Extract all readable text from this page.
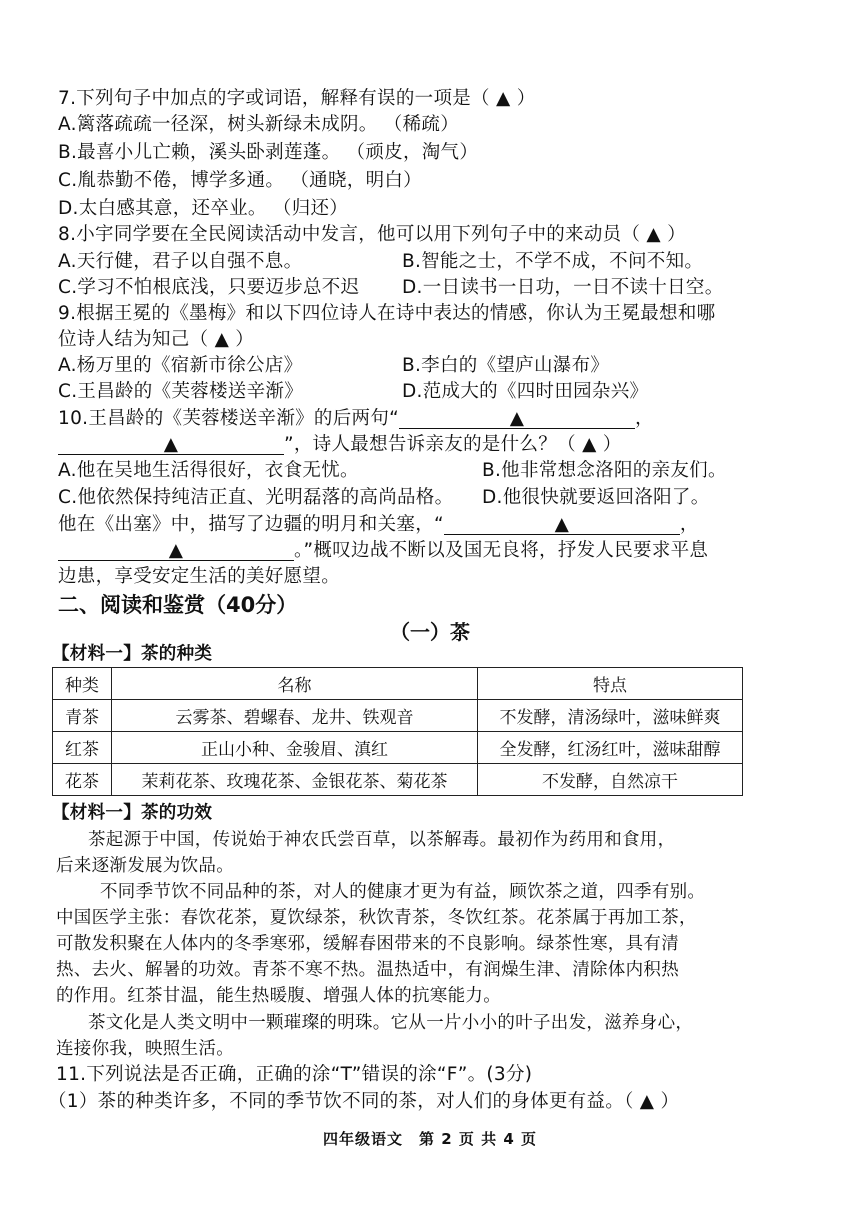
7.下列句子中加点的字或词语，解释有误的一项是（ ▲ ）
A.篱落疏疏一径深，树头新绿未成阴。 （稀疏）
B.最喜小儿亡赖，溪头卧剥莲蓬。 （顽皮，淘气）
C.胤恭勤不倦，博学多通。 （通晓，明白）
D.太白感其意，还卒业。 （归还）
8.小宇同学要在全民阅读活动中发言，他可以用下列句子中的来动员（ ▲ ）
A.天行健，君子以自强不息。	B.智能之士，不学不成，不问不知。
C.学习不怕根底浅，只要迈步总不迟 D.一日读书一日功，一日不读十日空。
9.根据王冕的《墨梅》和以下四位诗人在诗中表达的情感，你认为王冕最想和哪
位诗人结为知己（ ▲ ）
A.杨万里的《宿新市徐公店》	B.李白的《望庐山瀑布》
C.王昌龄的《芙蓉楼送辛渐》	D.范成大的《四时田园杂兴》
10.王昌龄的《芙蓉楼送辛渐》的后两句“	▲	，
▲	”，诗人最想告诉亲友的是什么？（ ▲ ）
A.他在吴地生活得很好，衣食无忧。	B.他非常想念洛阳的亲友们。
C.他依然保持纯洁正直、光明磊落的高尚品格。 D.他很快就要返回洛阳了。
他在《出塞》中，描写了边疆的明月和关塞，“	▲	，
▲	。”概叹边战不断以及国无良将，抒发人民要求平息
边患，享受安定生活的美好愿望。
二、阅读和鉴赏（40分）
（一）茶
【材料一】茶的种类
种类	名称	特点
青茶	云雾茶、碧螺春、龙井、铁观音	不发酵，清汤绿叶，滋味鲜爽
红茶	正山小种、金骏眉、滇红	全发酵，红汤红叶，滋味甜醇
花茶	茉莉花茶、玫瑰花茶、金银花茶、菊花茶	不发酵，自然凉干
【材料一】茶的功效
茶起源于中国，传说始于神农氏尝百草，以茶解毒。最初作为药用和食用，
后来逐渐发展为饮品。
不同季节饮不同品种的茶，对人的健康才更为有益，顾饮茶之道，四季有别。
中国医学主张：春饮花茶，夏饮绿茶，秋饮青茶，冬饮红茶。花茶属于再加工茶，
可散发积聚在人体内的冬季寒邪，缓解春困带来的不良影响。绿茶性寒，具有清
热、去火、解暑的功效。青茶不寒不热。温热适中，有润燥生津、清除体内积热
的作用。红茶甘温，能生热暖腹、增强人体的抗寒能力。
茶文化是人类文明中一颗璀璨的明珠。它从一片小小的叶子出发，滋养身心，
连接你我，映照生活。
11.下列说法是否正确，正确的涂“T”错误的涂“F”。(3分)
（1）茶的种类许多，不同的季节饮不同的茶，对人们的身体更有益。（ ▲ ）
四年级语文　第 2 页 共 4 页
